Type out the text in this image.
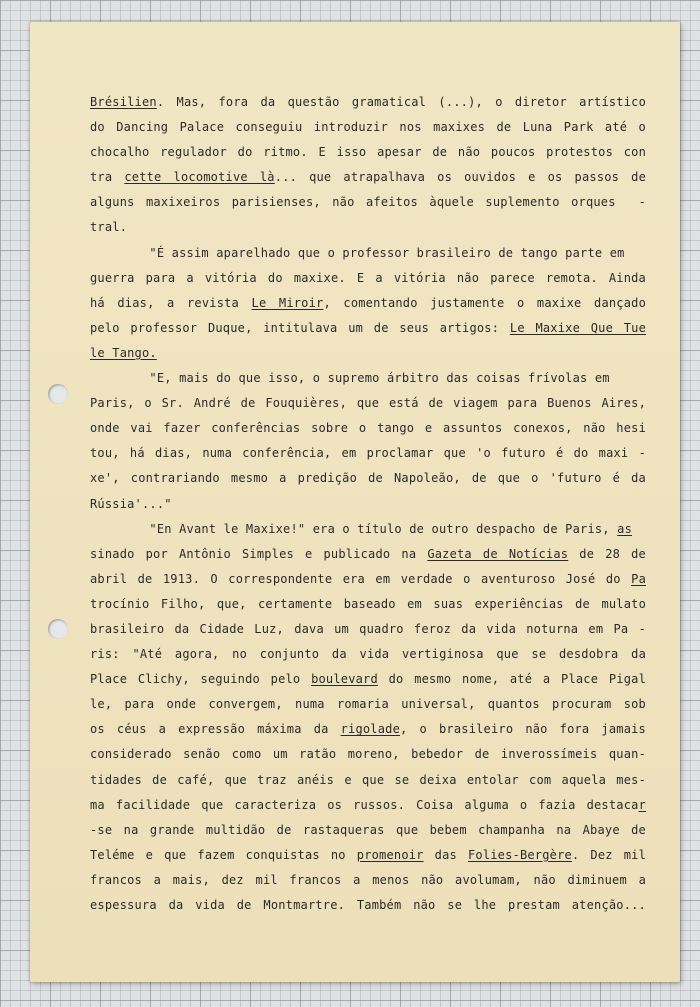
Brésilien. Mas, fora da questão gramatical (...), o diretor artístico
do Dancing Palace conseguiu introduzir nos maxixes de Luna Park até o
chocalho regulador do ritmo. E isso apesar de não poucos protestos con
tra cette locomotive là... que atrapalhava os ouvidos e os passos de
alguns maxixeiros parisienses, não afeitos àquele suplemento orques  -
tral.
"É assim aparelhado que o professor brasileiro de tango parte em
guerra para a vitória do maxixe. E a vitória não parece remota. Ainda
há dias, a revista Le Miroir, comentando justamente o maxixe dançado
pelo professor Duque, intitulava um de seus artigos: Le Maxixe Que Tue
le Tango.
"E, mais do que isso, o supremo árbitro das coisas frívolas em
Paris, o Sr. André de Fouquières, que está de viagem para Buenos Aires,
onde vai fazer conferências sobre o tango e assuntos conexos, não hesi
tou, há dias, numa conferência, em proclamar que 'o futuro é do maxi -
xe', contrariando mesmo a predição de Napoleão, de que o 'futuro é da
Rússia'..."
"En Avant le Maxixe!" era o título de outro despacho de Paris, as
sinado por Antônio Simples e publicado na Gazeta de Notícias de 28 de
abril de 1913. O correspondente era em verdade o aventuroso José do Pa
trocínio Filho, que, certamente baseado em suas experiências de mulato
brasileiro da Cidade Luz, dava um quadro feroz da vida noturna em Pa -
ris: "Até agora, no conjunto da vida vertiginosa que se desdobra da
Place Clichy, seguindo pelo boulevard do mesmo nome, até a Place Pigal
le, para onde convergem, numa romaria universal, quantos procuram sob
os céus a expressão máxima da rigolade, o brasileiro não fora jamais
considerado senão como um ratão moreno, bebedor de inverossímeis quan-
tidades de café, que traz anéis e que se deixa entolar com aquela mes-
ma facilidade que caracteriza os russos. Coisa alguma o fazia destacar
-se na grande multidão de rastaqueras que bebem champanha na Abaye de
Teléme e que fazem conquistas no promenoir das Folies-Bergère. Dez mil
francos a mais, dez mil francos a menos não avolumam, não diminuem a
espessura da vida de Montmartre. Também não se lhe prestam atenção...
